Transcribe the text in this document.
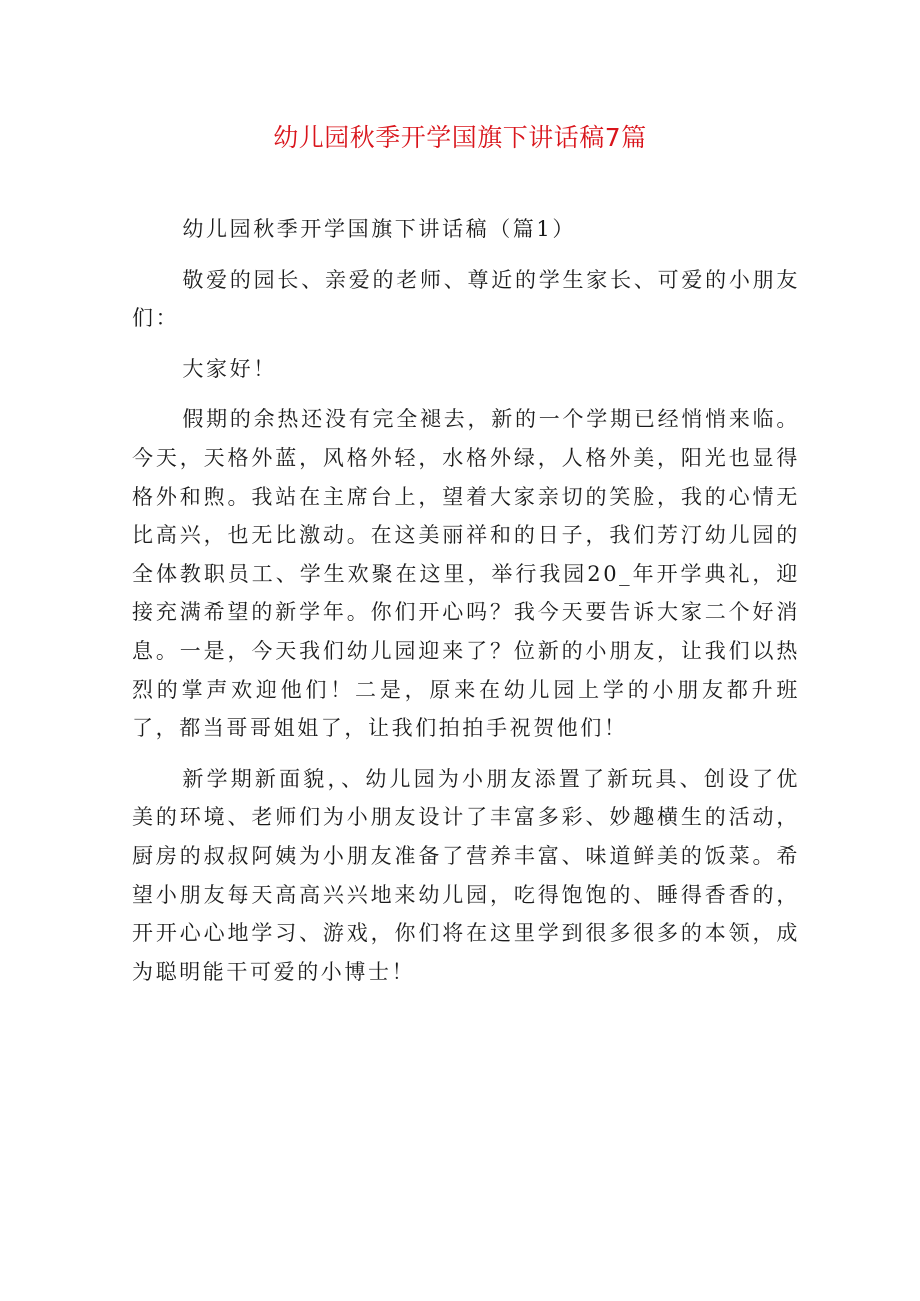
幼儿园秋季开学国旗下讲话稿7篇

幼儿园秋季开学国旗下讲话稿（篇1）

敬爱的园长、亲爱的老师、尊近的学生家长、可爱的小朋友们：

大家好！

假期的余热还没有完全褪去，新的一个学期已经悄悄来临。今天，天格外蓝，风格外轻，水格外绿，人格外美，阳光也显得格外和煦。我站在主席台上，望着大家亲切的笑脸，我的心情无比高兴，也无比激动。在这美丽祥和的日子，我们芳汀幼儿园的全体教职员工、学生欢聚在这里，举行我园20_年开学典礼，迎接充满希望的新学年。你们开心吗？我今天要告诉大家二个好消息。一是，今天我们幼儿园迎来了？位新的小朋友，让我们以热烈的掌声欢迎他们！二是，原来在幼儿园上学的小朋友都升班了，都当哥哥姐姐了，让我们拍拍手祝贺他们！

新学期新面貌，、幼儿园为小朋友添置了新玩具、创设了优美的环境、老师们为小朋友设计了丰富多彩、妙趣横生的活动，厨房的叔叔阿姨为小朋友准备了营养丰富、味道鲜美的饭菜。希望小朋友每天高高兴兴地来幼儿园，吃得饱饱的、睡得香香的，开开心心地学习、游戏，你们将在这里学到很多很多的本领，成为聪明能干可爱的小博士！
